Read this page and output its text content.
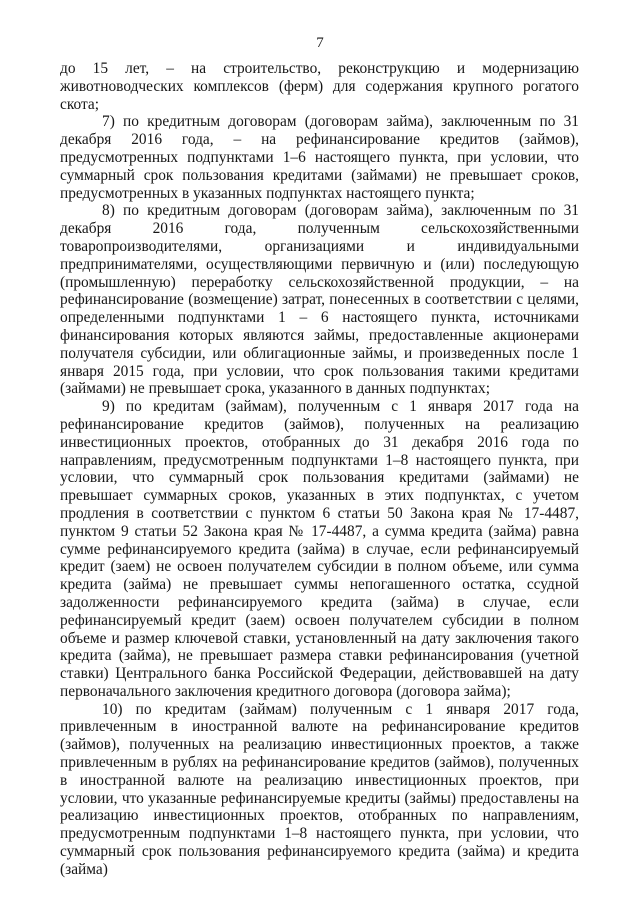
7

до 15 лет, – на строительство, реконструкцию и модернизацию животноводческих комплексов (ферм) для содержания крупного рогатого скота;

7) по кредитным договорам (договорам займа), заключенным по 31 декабря 2016 года, – на рефинансирование кредитов (займов), предусмотренных подпунктами 1–6 настоящего пункта, при условии, что суммарный срок пользования кредитами (займами) не превышает сроков, предусмотренных в указанных подпунктах настоящего пункта;

8) по кредитным договорам (договорам займа), заключенным по 31 декабря 2016 года, полученным сельскохозяйственными товаропроизводителями, организациями и индивидуальными предпринимателями, осуществляющими первичную и (или) последующую (промышленную) переработку сельскохозяйственной продукции, – на рефинансирование (возмещение) затрат, понесенных в соответствии с целями, определенными подпунктами 1 – 6 настоящего пункта, источниками финансирования которых являются займы, предоставленные акционерами получателя субсидии, или облигационные займы, и произведенных после 1 января 2015 года, при условии, что срок пользования такими кредитами (займами) не превышает срока, указанного в данных подпунктах;

9) по кредитам (займам), полученным с 1 января 2017 года на рефинансирование кредитов (займов), полученных на реализацию инвестиционных проектов, отобранных до 31 декабря 2016 года по направлениям, предусмотренным подпунктами 1–8 настоящего пункта, при условии, что суммарный срок пользования кредитами (займами) не превышает суммарных сроков, указанных в этих подпунктах, с учетом продления в соответствии с пунктом 6 статьи 50 Закона края № 17-4487, пунктом 9 статьи 52 Закона края № 17-4487, а сумма кредита (займа) равна сумме рефинансируемого кредита (займа) в случае, если рефинансируемый кредит (заем) не освоен получателем субсидии в полном объеме, или сумма кредита (займа) не превышает суммы непогашенного остатка, ссудной задолженности рефинансируемого кредита (займа) в случае, если рефинансируемый кредит (заем) освоен получателем субсидии в полном объеме и размер ключевой ставки, установленный на дату заключения такого кредита (займа), не превышает размера ставки рефинансирования (учетной ставки) Центрального банка Российской Федерации, действовавшей на дату первоначального заключения кредитного договора (договора займа);

10) по кредитам (займам) полученным с 1 января 2017 года, привлеченным в иностранной валюте на рефинансирование кредитов (займов), полученных на реализацию инвестиционных проектов, а также привлеченным в рублях на рефинансирование кредитов (займов), полученных в иностранной валюте на реализацию инвестиционных проектов, при условии, что указанные рефинансируемые кредиты (займы) предоставлены на реализацию инвестиционных проектов, отобранных по направлениям, предусмотренным подпунктами 1–8 настоящего пункта, при условии, что суммарный срок пользования рефинансируемого кредита (займа) и кредита (займа)
